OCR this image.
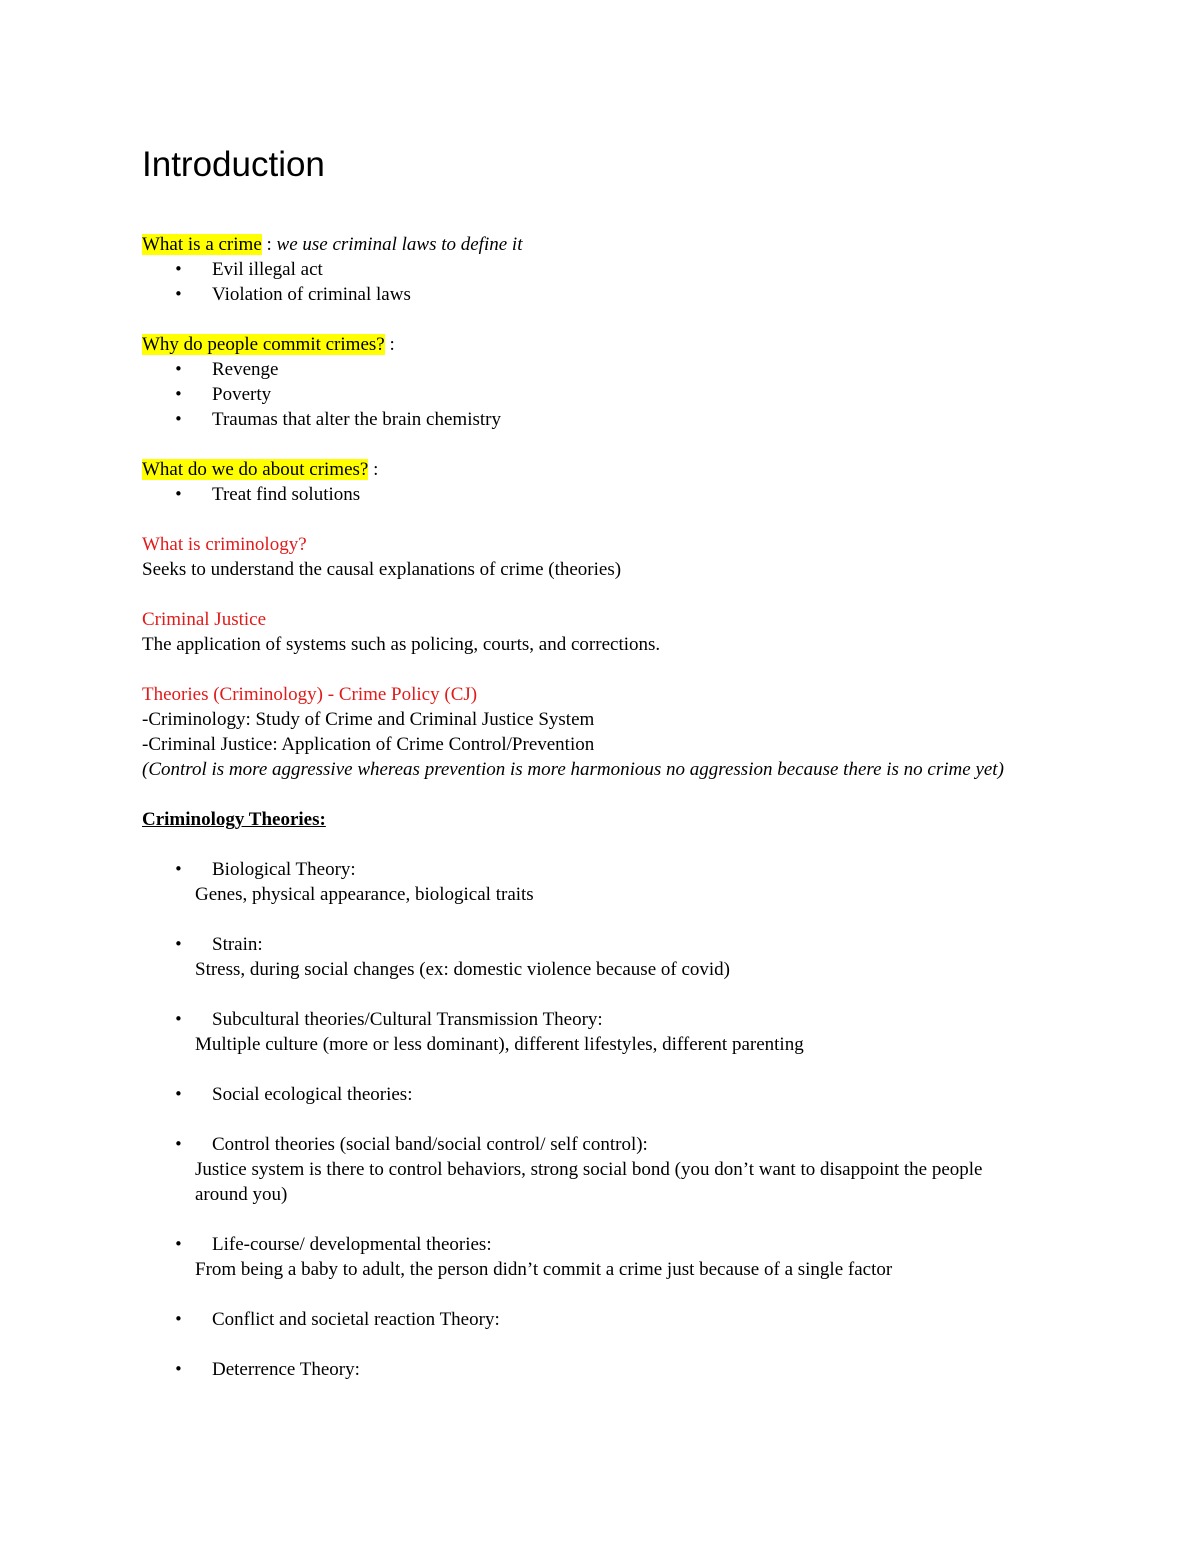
Introduction

What is a crime : we use criminal laws to define it

• Evil illegal act
• Violation of criminal laws

Why do people commit crimes? :

• Revenge
• Poverty
• Traumas that alter the brain chemistry

What do we do about crimes? :

• Treat find solutions

What is criminology?

Seeks to understand the causal explanations of crime (theories)

Criminal Justice

The application of systems such as policing, courts, and corrections.

Theories (Criminology) - Crime Policy (CJ)

-Criminology: Study of Crime and Criminal Justice System

-Criminal Justice: Application of Crime Control/Prevention

(Control is more aggressive whereas prevention is more harmonious no aggression because there is no crime yet)

Criminology Theories:

•	Biological Theory:
Genes, physical appearance, biological traits
•	Strain:
Stress, during social changes (ex: domestic violence because of covid)
•	Subcultural theories/Cultural Transmission Theory:
Multiple culture (more or less dominant), different lifestyles, different parenting
•	Social ecological theories:
•	Control theories (social band/social control/ self control):
Justice system is there to control behaviors, strong social bond (you don’t want to disappoint the people around you)
•	Life-course/ developmental theories:
From being a baby to adult, the person didn’t commit a crime just because of a single factor
•	Conflict and societal reaction Theory:
•	Deterrence Theory:
